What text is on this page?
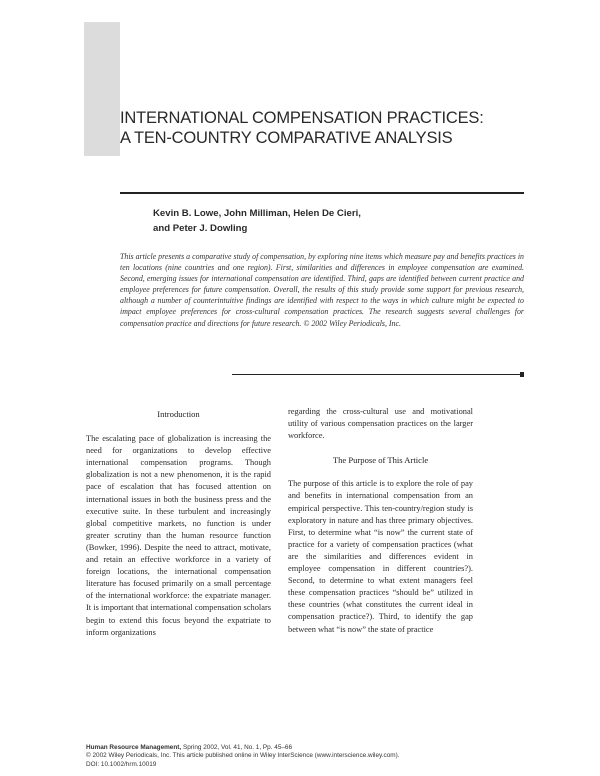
INTERNATIONAL COMPENSATION PRACTICES:
A TEN-COUNTRY COMPARATIVE ANALYSIS
Kevin B. Lowe, John Milliman, Helen De Cieri,
and Peter J. Dowling
This article presents a comparative study of compensation, by exploring nine items which measure pay and benefits practices in ten locations (nine countries and one region). First, similarities and differences in employee compensation are examined. Second, emerging issues for international compensation are identified. Third, gaps are identified between current practice and employee preferences for future compensation. Overall, the results of this study provide some support for previous research, although a number of counterintuitive findings are identified with respect to the ways in which culture might be expected to impact employee preferences for cross-cultural compensation practices. The research suggests several challenges for compensation practice and directions for future research. © 2002 Wiley Periodicals, Inc.

Introduction

The escalating pace of globalization is increasing the need for organizations to develop effective international compensation programs. Though globalization is not a new phenomenon, it is the rapid pace of escalation that has focused attention on international issues in both the business press and the executive suite. In these turbulent and increasingly global competitive markets, no function is under greater scrutiny than the human resource function (Bowker, 1996). Despite the need to attract, motivate, and retain an effective workforce in a variety of foreign locations, the international compensation literature has focused primarily on a small percentage of the international workforce: the expatriate manager. It is important that international compensation scholars begin to extend this focus beyond the expatriate to inform organizations

regarding the cross-cultural use and motivational utility of various compensation practices on the larger workforce.

The Purpose of This Article

The purpose of this article is to explore the role of pay and benefits in international compensation from an empirical perspective. This ten-country/region study is exploratory in nature and has three primary objectives. First, to determine what “is now” the current state of practice for a variety of compensation practices (what are the similarities and differences evident in employee compensation in different countries?). Second, to determine to what extent managers feel these compensation practices “should be” utilized in these countries (what constitutes the current ideal in compensation practice?). Third, to identify the gap between what “is now” the state of practice

Human Resource Management, Spring 2002, Vol. 41, No. 1, Pp. 45–66
© 2002 Wiley Periodicals, Inc. This article published online in Wiley InterScience (www.interscience.wiley.com).
DOI: 10.1002/hrm.10019
